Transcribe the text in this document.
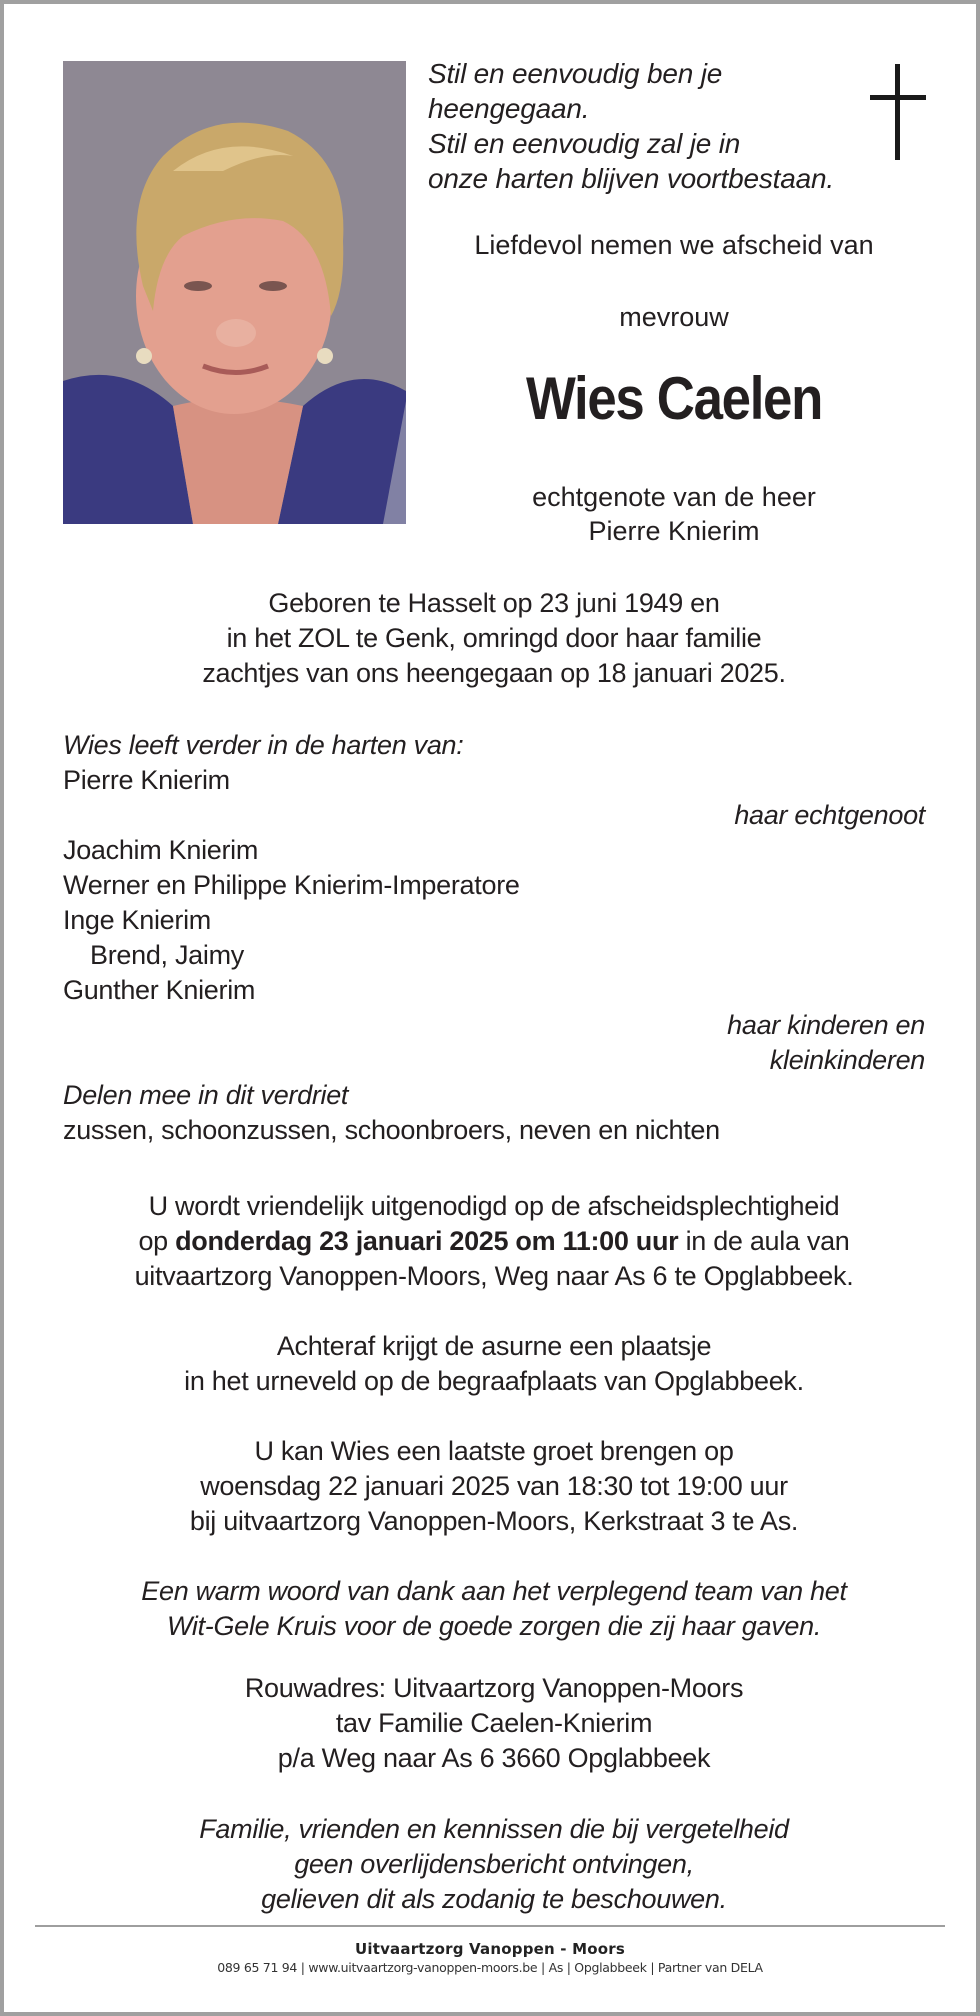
Stil en eenvoudig ben je
heengegaan.
Stil en eenvoudig zal je in
onze harten blijven voortbestaan.
Liefdevol nemen we afscheid van
mevrouw
Wies Caelen
echtgenote van de heer
Pierre Knierim
Geboren te Hasselt op 23 juni 1949 en
in het ZOL te Genk, omringd door haar familie
zachtjes van ons heengegaan op 18 januari 2025.
Wies leeft verder in de harten van:
Pierre Knierim
haar echtgenoot
Joachim Knierim
Werner en Philippe Knierim-Imperatore
Inge Knierim
Brend, Jaimy
Gunther Knierim
haar kinderen en
kleinkinderen
Delen mee in dit verdriet
zussen, schoonzussen, schoonbroers, neven en nichten
U wordt vriendelijk uitgenodigd op de afscheidsplechtigheid
op donderdag 23 januari 2025 om 11:00 uur in de aula van
uitvaartzorg Vanoppen-Moors, Weg naar As 6 te Opglabbeek.
Achteraf krijgt de asurne een plaatsje
in het urneveld op de begraafplaats van Opglabbeek.
U kan Wies een laatste groet brengen op
woensdag 22 januari 2025 van 18:30 tot 19:00 uur
bij uitvaartzorg Vanoppen-Moors, Kerkstraat 3 te As.
Een warm woord van dank aan het verplegend team van het
Wit-Gele Kruis voor de goede zorgen die zij haar gaven.
Rouwadres: Uitvaartzorg Vanoppen-Moors
tav Familie Caelen-Knierim
p/a Weg naar As 6 3660 Opglabbeek
Familie, vrienden en kennissen die bij vergetelheid
geen overlijdensbericht ontvingen,
gelieven dit als zodanig te beschouwen.
Uitvaartzorg Vanoppen - Moors
089 65 71 94 | www.uitvaartzorg-vanoppen-moors.be | As | Opglabbeek | Partner van DELA
